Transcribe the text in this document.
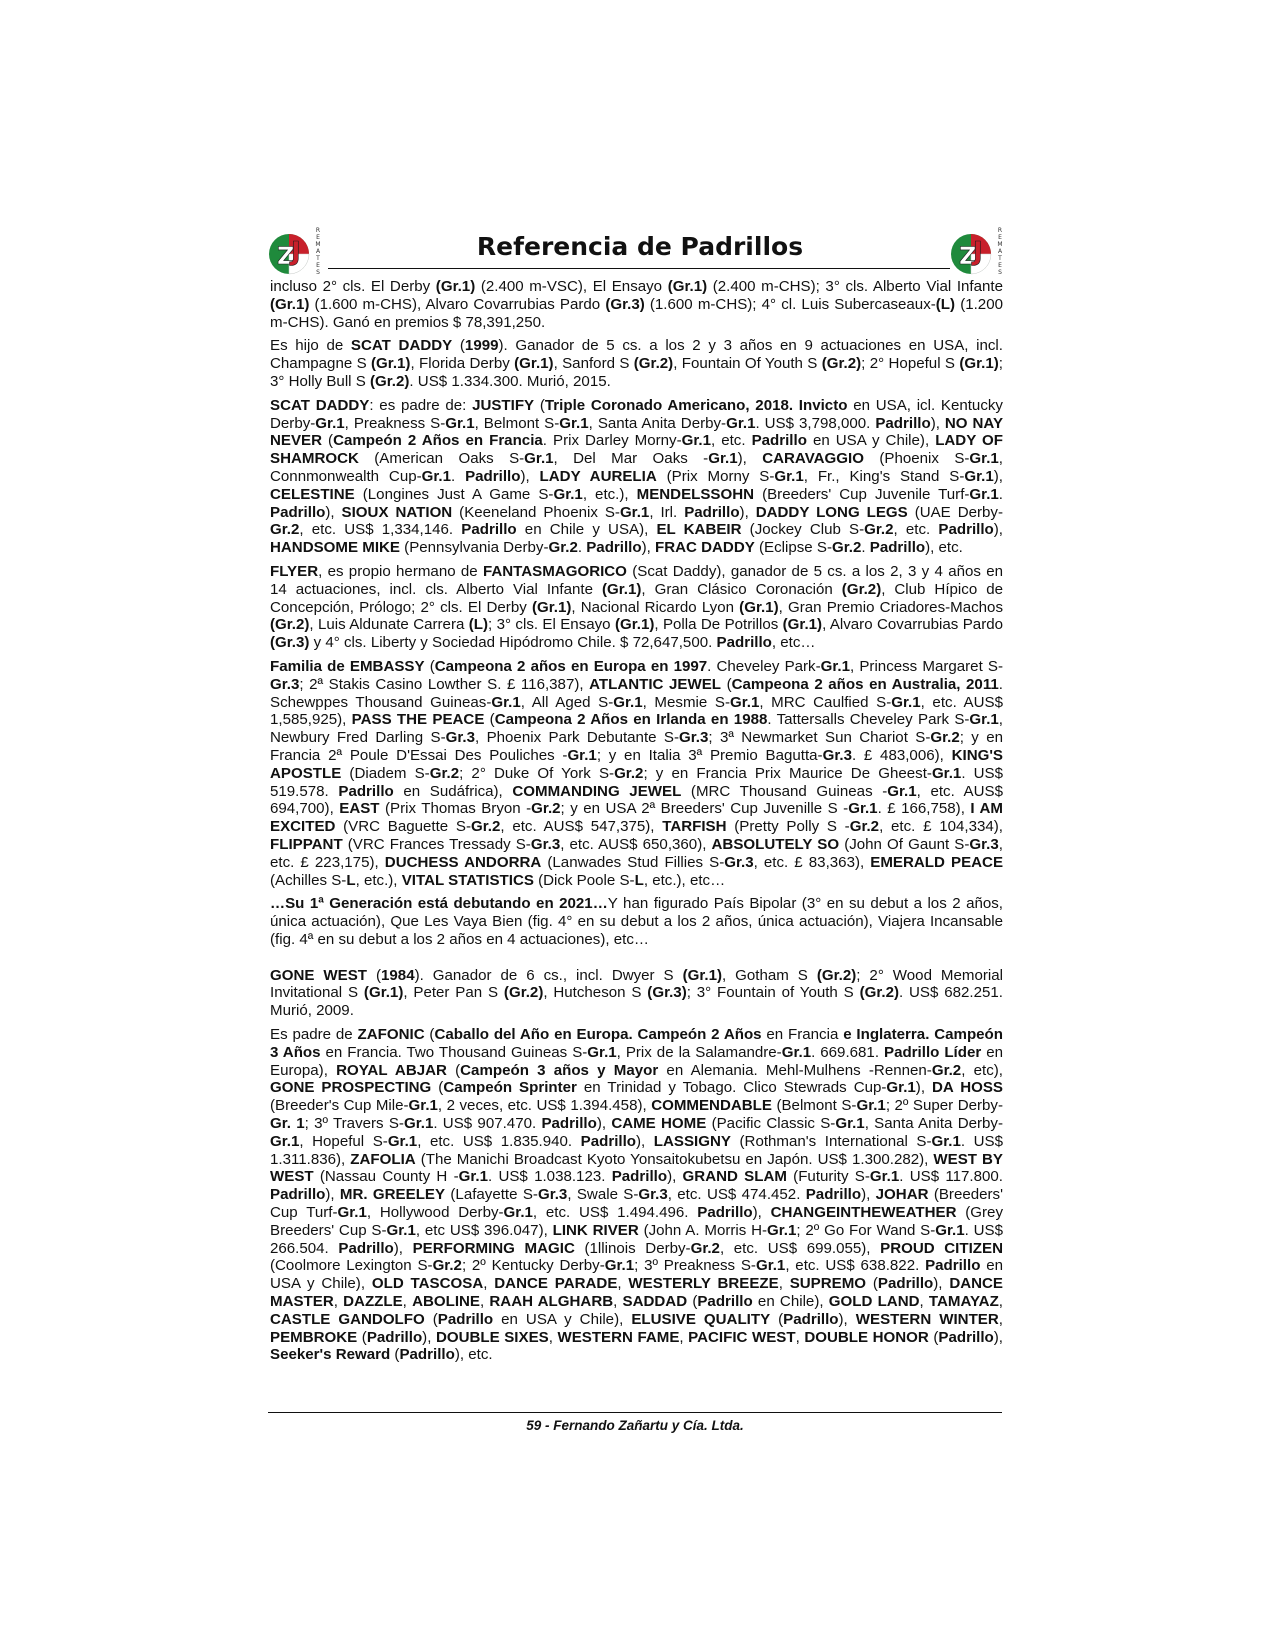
Z
J
R
E
M
A
T
E
S
Referencia de Padrillos	Z
J
R
E
M
A
T
E
S

incluso 2° cls. El Derby (Gr.1) (2.400 m-VSC), El Ensayo (Gr.1) (2.400 m-CHS); 3° cls. Alberto Vial Infante (Gr.1) (1.600 m-CHS), Alvaro Covarrubias Pardo (Gr.3) (1.600 m-CHS); 4° cl. Luis Subercaseaux-(L) (1.200 m-CHS). Ganó en premios $ 78,391,250.

Es hijo de SCAT DADDY (1999). Ganador de 5 cs. a los 2 y 3 años en 9 actuaciones en USA, incl. Champagne S (Gr.1), Florida Derby (Gr.1), Sanford S (Gr.2), Fountain Of Youth S (Gr.2); 2° Hopeful S (Gr.1); 3° Holly Bull S (Gr.2). US$ 1.334.300. Murió, 2015.

SCAT DADDY: es padre de: JUSTIFY (Triple Coronado Americano, 2018. Invicto en USA, icl. Kentucky Derby-Gr.1, Preakness S-Gr.1, Belmont S-Gr.1, Santa Anita Derby-Gr.1. US$ 3,798,000. Padrillo), NO NAY NEVER (Campeón 2 Años en Francia. Prix Darley Morny-Gr.1, etc. Padrillo en USA y Chile), LADY OF SHAMROCK (American Oaks S-Gr.1, Del Mar Oaks -Gr.1), CARAVAGGIO (Phoenix S-Gr.1, Connmonwealth Cup-Gr.1. Padrillo), LADY AURELIA (Prix Morny S-Gr.1, Fr., King's Stand S-Gr.1), CELESTINE (Longines Just A Game S-Gr.1, etc.), MENDELSSOHN (Breeders' Cup Juvenile Turf-Gr.1. Padrillo), SIOUX NATION (Keeneland Phoenix S-Gr.1, Irl. Padrillo), DADDY LONG LEGS (UAE Derby-Gr.2, etc. US$ 1,334,146. Padrillo en Chile y USA), EL KABEIR (Jockey Club S-Gr.2, etc. Padrillo), HANDSOME MIKE (Pennsylvania Derby-Gr.2. Padrillo), FRAC DADDY (Eclipse S-Gr.2. Padrillo), etc.

FLYER, es propio hermano de FANTASMAGORICO (Scat Daddy), ganador de 5 cs. a los 2, 3 y 4 años en 14 actuaciones, incl. cls. Alberto Vial Infante (Gr.1), Gran Clásico Coronación (Gr.2), Club Hípico de Concepción, Prólogo; 2° cls. El Derby (Gr.1), Nacional Ricardo Lyon (Gr.1), Gran Premio Criadores-Machos (Gr.2), Luis Aldunate Carrera (L); 3° cls. El Ensayo (Gr.1), Polla De Potrillos (Gr.1), Alvaro Covarrubias Pardo (Gr.3) y 4° cls. Liberty y Sociedad Hipódromo Chile. $ 72,647,500. Padrillo, etc…

Familia de EMBASSY (Campeona 2 años en Europa en 1997. Cheveley Park-Gr.1, Princess Margaret S-Gr.3; 2ª Stakis Casino Lowther S. £ 116,387), ATLANTIC JEWEL (Campeona 2 años en Australia, 2011. Schewppes Thousand Guineas-Gr.1, All Aged S-Gr.1, Mesmie S-Gr.1, MRC Caulfied S-Gr.1, etc. AUS$ 1,585,925), PASS THE PEACE (Campeona 2 Años en Irlanda en 1988. Tattersalls Cheveley Park S-Gr.1, Newbury Fred Darling S-Gr.3, Phoenix Park Debutante S-Gr.3; 3ª Newmarket Sun Chariot S-Gr.2; y en Francia 2ª Poule D'Essai Des Pouliches -Gr.1; y en Italia 3ª Premio Bagutta-Gr.3. £ 483,006), KING'S APOSTLE (Diadem S-Gr.2; 2° Duke Of York S-Gr.2; y en Francia Prix Maurice De Gheest-Gr.1. US$ 519.578. Padrillo en Sudáfrica), COMMANDING JEWEL (MRC Thousand Guineas -Gr.1, etc. AUS$ 694,700), EAST (Prix Thomas Bryon -Gr.2; y en USA 2ª Breeders' Cup Juvenille S -Gr.1. £ 166,758), I AM EXCITED (VRC Baguette S-Gr.2, etc. AUS$ 547,375), TARFISH (Pretty Polly S -Gr.2, etc. £ 104,334), FLIPPANT (VRC Frances Tressady S-Gr.3, etc. AUS$ 650,360), ABSOLUTELY SO (John Of Gaunt S-Gr.3, etc. £ 223,175), DUCHESS ANDORRA (Lanwades Stud Fillies S-Gr.3, etc. £ 83,363), EMERALD PEACE (Achilles S-L, etc.), VITAL STATISTICS (Dick Poole S-L, etc.), etc…

…Su 1ª Generación está debutando en 2021…Y han figurado País Bipolar (3° en su debut a los 2 años, única actuación), Que Les Vaya Bien (fig. 4° en su debut a los 2 años, única actuación), Viajera Incansable (fig. 4ª en su debut a los 2 años en 4 actuaciones), etc…

GONE WEST (1984). Ganador de 6 cs., incl. Dwyer S (Gr.1), Gotham S (Gr.2); 2° Wood Memorial Invitational S (Gr.1), Peter Pan S (Gr.2), Hutcheson S (Gr.3); 3° Fountain of Youth S (Gr.2). US$ 682.251. Murió, 2009.

Es padre de ZAFONIC (Caballo del Año en Europa. Campeón 2 Años en Francia e Inglaterra. Campeón 3 Años en Francia. Two Thousand Guineas S-Gr.1, Prix de la Salamandre-Gr.1. 669.681. Padrillo Líder en Europa), ROYAL ABJAR (Campeón 3 años y Mayor en Alemania. Mehl-Mulhens -Rennen-Gr.2, etc), GONE PROSPECTING (Campeón Sprinter en Trinidad y Tobago. Clico Stewrads Cup-Gr.1), DA HOSS (Breeder's Cup Mile-Gr.1, 2 veces, etc. US$ 1.394.458), COMMENDABLE (Belmont S-Gr.1; 2º Super Derby-Gr. 1; 3º Travers S-Gr.1. US$ 907.470. Padrillo), CAME HOME (Pacific Classic S-Gr.1, Santa Anita Derby-Gr.1, Hopeful S-Gr.1, etc. US$ 1.835.940. Padrillo), LASSIGNY (Rothman's International S-Gr.1. US$ 1.311.836), ZAFOLIA (The Manichi Broadcast Kyoto Yonsaitokubetsu en Japón. US$ 1.300.282), WEST BY WEST (Nassau County H -Gr.1. US$ 1.038.123. Padrillo), GRAND SLAM (Futurity S-Gr.1. US$ 117.800. Padrillo), MR. GREELEY (Lafayette S-Gr.3, Swale S-Gr.3, etc. US$ 474.452. Padrillo), JOHAR (Breeders' Cup Turf-Gr.1, Hollywood Derby-Gr.1, etc. US$ 1.494.496. Padrillo), CHANGEINTHEWEATHER (Grey Breeders' Cup S-Gr.1, etc US$ 396.047), LINK RIVER (John A. Morris H-Gr.1; 2º Go For Wand S-Gr.1. US$ 266.504. Padrillo), PERFORMING MAGIC (1llinois Derby-Gr.2, etc. US$ 699.055), PROUD CITIZEN (Coolmore Lexington S-Gr.2; 2º Kentucky Derby-Gr.1; 3º Preakness S-Gr.1, etc. US$ 638.822. Padrillo en USA y Chile), OLD TASCOSA, DANCE PARADE, WESTERLY BREEZE, SUPREMO (Padrillo), DANCE MASTER, DAZZLE, ABOLINE, RAAH ALGHARB, SADDAD (Padrillo en Chile), GOLD LAND, TAMAYAZ, CASTLE GANDOLFO (Padrillo en USA y Chile), ELUSIVE QUALITY (Padrillo), WESTERN WINTER, PEMBROKE (Padrillo), DOUBLE SIXES, WESTERN FAME, PACIFIC WEST, DOUBLE HONOR (Padrillo), Seeker's Reward (Padrillo), etc.

59 - Fernando Zañartu y Cía. Ltda.
